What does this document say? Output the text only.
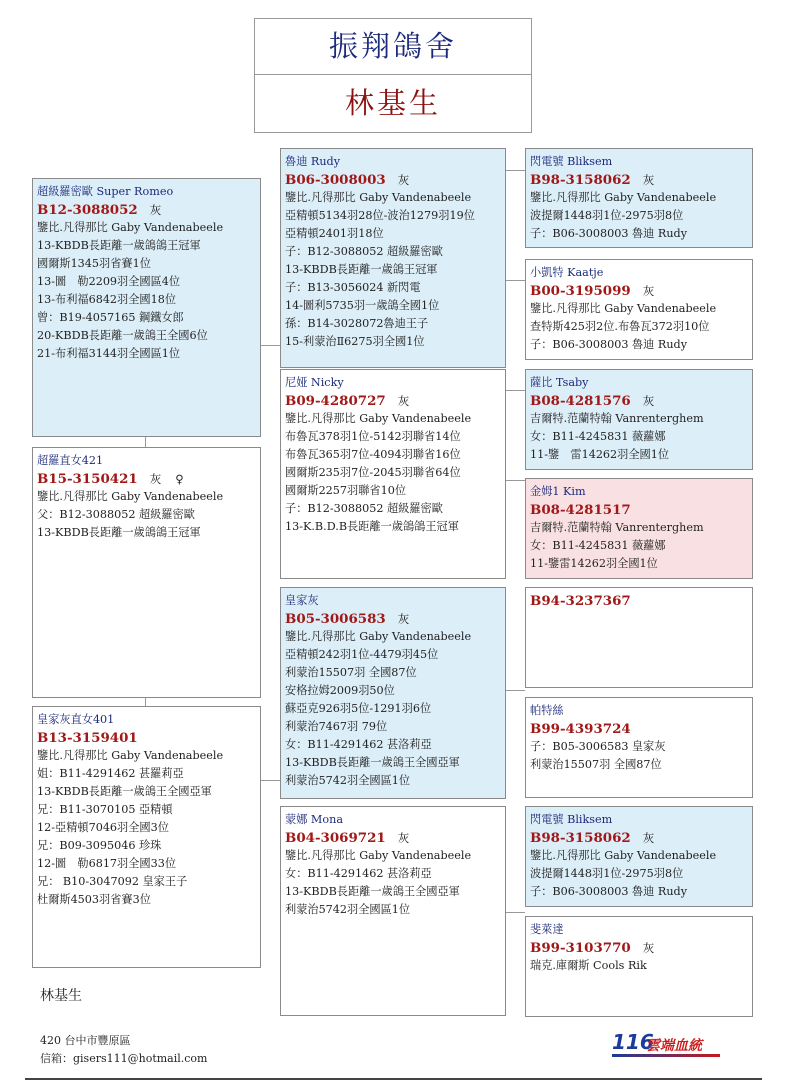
振翔鴿舍
林基生
超級羅密歐 Super Romeo
B12-3088052 灰
鑒比.凡得那比 Gaby Vandenabeele
13-KBDB長距離一歲鴿鴿王冠軍
國爾斯1345羽省賽1位
13-圖　勒2209羽全國區4位
13-布利福6842羽全國18位
曾：B19-4057165 鋼鐵女郎
20-KBDB長距離一歲鴿王全國6位
21-布利福3144羽全國區1位
超羅直女421
B15-3150421 灰 ♀
鑒比.凡得那比 Gaby Vandenabeele
父：B12-3088052 超級羅密歐
13-KBDB長距離一歲鴿鴿王冠軍
皇家灰直女401
B13-3159401
鑒比.凡得那比 Gaby Vandenabeele
姐：B11-4291462 甚羅莉亞
13-KBDB長距離一歲鴿王全國亞軍
兄：B11-3070105 亞精頓
12-亞精頓7046羽全國3位
兄：B09-3095046 珍珠
12-圖　勒6817羽全國33位
兄： B10-3047092 皇家王子
杜爾斯4503羽省賽3位
魯迪 Rudy
B06-3008003 灰
鑒比.凡得那比 Gaby Vandenabeele
亞精頓5134羽28位-波治1279羽19位
亞精頓2401羽18位
子：B12-3088052 超級羅密歐
13-KBDB長距離一歲鴿王冠軍
子：B13-3056024 新閃電
14-圖利5735羽一歲鴿全國1位
孫：B14-3028072魯迪王子
15-利蒙治Ⅱ6275羽全國1位
尼娅 Nicky
B09-4280727 灰
鑒比.凡得那比 Gaby Vandenabeele
布魯瓦378羽1位-5142羽聯省14位
布魯瓦365羽7位-4094羽聯省16位
國爾斯235羽7位-2045羽聯省64位
國爾斯2257羽聯省10位
子：B12-3088052 超級羅密歐
13-K.B.D.B長距離一歲鴿鴿王冠軍
皇家灰
B05-3006583 灰
鑒比.凡得那比 Gaby Vandenabeele
亞精頓242羽1位-4479羽45位
利蒙治15507羽 全國87位
安格拉姆2009羽50位
蘇亞克926羽5位-1291羽6位
利蒙治7467羽 79位
女：B11-4291462 甚洛莉亞
13-KBDB長距離一歲鴿王全國亞軍
利蒙治5742羽全國區1位
蒙娜 Mona
B04-3069721 灰
鑒比.凡得那比 Gaby Vandenabeele
女：B11-4291462 甚洛莉亞
13-KBDB長距離一歲鴿王全國亞軍
利蒙治5742羽全國區1位
閃電號 Bliksem
B98-3158062 灰
鑒比.凡得那比 Gaby Vandenabeele
波提爾1448羽1位-2975羽8位
子：B06-3008003 魯迪 Rudy
小凱特 Kaatje
B00-3195099 灰
鑒比.凡得那比 Gaby Vandenabeele
查特斯425羽2位.布魯瓦372羽10位
子：B06-3008003 魯迪 Rudy
薩比 Tsaby
B08-4281576 灰
吉爾特.范蘭特翰 Vanrenterghem
女：B11-4245831 薇蘿娜
11-鑒　雷14262羽全國1位
金姆1 Kim
B08-4281517
吉爾特.范蘭特翰 Vanrenterghem
女：B11-4245831 薇蘿娜
11-鑒雷14262羽全國1位
B94-3237367
帕特絲
B99-4393724
子：B05-3006583 皇家灰
利蒙治15507羽 全國87位
閃電號 Bliksem
B98-3158062 灰
鑒比.凡得那比 Gaby Vandenabeele
波提爾1448羽1位-2975羽8位
子：B06-3008003 魯迪 Rudy
斐萊達
B99-3103770 灰
瑞克.庫爾斯 Cools Rik
林基生
420 台中市豐原區
信箱：gisers111@hotmail.com
116
雲端血統
